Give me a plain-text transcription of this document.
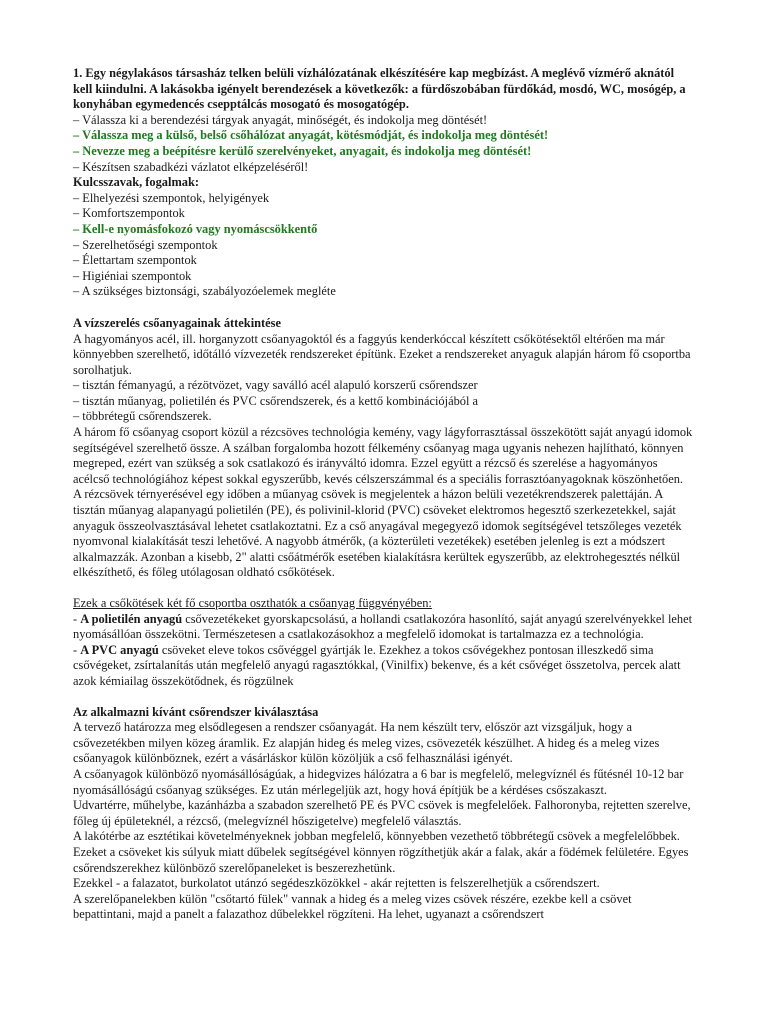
1. Egy négylakásos társasház telken belüli vízhálózatának elkészítésére kap megbízást. A meglévő vízmérő aknától kell kiindulni. A lakásokba igényelt berendezések a következők: a fürdőszobában fürdőkád, mosdó, WC, mosógép, a konyhában egymedencés csepptálcás mosogató és mosogatógép.

– Válassza ki a berendezési tárgyak anyagát, minőségét, és indokolja meg döntését!

– Válassza meg a külső, belső csőhálózat anyagát, kötésmódját, és indokolja meg döntését!

– Nevezze meg a beépítésre kerülő szerelvényeket, anyagait, és indokolja meg döntését!

– Készítsen szabadkézi vázlatot elképzeléséről!

Kulcsszavak, fogalmak:

– Elhelyezési szempontok, helyigények

– Komfortszempontok

– Kell-e nyomásfokozó vagy nyomáscsökkentő

– Szerelhetőségi szempontok

– Élettartam szempontok

– Higiéniai szempontok

– A szükséges biztonsági, szabályozóelemek megléte

A vízszerelés csőanyagainak áttekintése

A hagyományos acél, ill. horganyzott csőanyagoktól és a faggyús kenderkóccal készített csőkötésektől eltérően ma már könnyebben szerelhető, időtálló vízvezeték rendszereket építünk. Ezeket a rendszereket anyaguk alapján három fő csoportba sorolhatjuk.

– tisztán fémanyagú, a rézötvözet, vagy saválló acél alapuló korszerű csőrendszer

– tisztán műanyag, polietilén és PVC csőrendszerek, és a kettő kombinációjából a

– többrétegű csőrendszerek.

A három fő csőanyag csoport közül a rézcsöves technológia kemény, vagy lágyforrasztással összekötött saját anyagú idomok segítségével szerelhető össze. A szálban forgalomba hozott félkemény csőanyag maga ugyanis nehezen hajlítható, könnyen megreped, ezért van szükség a sok csatlakozó és irányváltó idomra. Ezzel együtt a rézcső és szerelése a hagyományos acélcső technológiához képest sokkal egyszerűbb, kevés célszerszámmal és a speciális forrasztóanyagoknak köszönhetően. A rézcsövek térnyerésével egy időben a műanyag csövek is megjelentek a házon belüli vezetékrendszerek palettáján. A tisztán műanyag alapanyagú polietilén (PE), és polivinil-klorid (PVC) csöveket elektromos hegesztő szerkezetekkel, saját anyaguk összeolvasztásával lehetet csatlakoztatni. Ez a cső anyagával megegyező idomok segítségével tetszőleges vezeték nyomvonal kialakítását teszi lehetővé. A nagyobb átmérők, (a közterületi vezetékek) esetében jelenleg is ezt a módszert alkalmazzák. Azonban a kisebb, 2" alatti csőátmérők esetében kialakításra kerültek egyszerűbb, az elektrohegesztés nélkül elkészíthető, és főleg utólagosan oldható csőkötések.

Ezek a csőkötések két fő csoportba oszthatók a csőanyag függvényében:

- A polietilén anyagú csővezetékeket gyorskapcsolású, a hollandi csatlakozóra hasonlító, saját anyagú szerelvényekkel lehet nyomásállóan összekötni. Természetesen a csatlakozásokhoz a megfelelő idomokat is tartalmazza ez a technológia.

- A PVC anyagú csöveket eleve tokos csővéggel gyártják le. Ezekhez a tokos csővégekhez pontosan illeszkedő sima csővégeket, zsírtalanítás után megfelelő anyagú ragasztókkal, (Vinilfix) bekenve, és a két csővéget összetolva, percek alatt azok kémiailag összekötődnek, és rögzülnek

Az alkalmazni kívánt csőrendszer kiválasztása

A tervező határozza meg elsődlegesen a rendszer csőanyagát. Ha nem készült terv, először azt vizsgáljuk, hogy a csővezetékben milyen közeg áramlik. Ez alapján hideg és meleg vizes, csövezeték készülhet. A hideg és a meleg vizes csőanyagok különböznek, ezért a vásárláskor külön közöljük a cső felhasználási igényét.

A csőanyagok különböző nyomásállóságúak, a hidegvizes hálózatra a 6 bar is megfelelő, melegvíznél és fűtésnél 10-12 bar nyomásállóságú csőanyag szükséges. Ez után mérlegeljük azt, hogy hová építjük be a kérdéses csőszakaszt.

Udvartérre, műhelybe, kazánházba a szabadon szerelhető PE és PVC csövek is megfelelőek. Falhoronyba, rejtetten szerelve, főleg új épületeknél, a rézcső, (melegvíznél hőszigetelve) megfelelő választás.

A lakótérbe az esztétikai követelményeknek jobban megfelelő, könnyebben vezethető többrétegű csövek a megfelelőbbek. Ezeket a csöveket kis súlyuk miatt dűbelek segítségével könnyen rögzíthetjük akár a falak, akár a födémek felületére. Egyes csőrendszerekhez különböző szerelőpaneleket is beszerezhetünk.

Ezekkel - a falazatot, burkolatot utánzó segédeszközökkel - akár rejtetten is felszerelhetjük a csőrendszert.

A szerelőpanelekben külön "csőtartó fülek" vannak a hideg és a meleg vizes csövek részére, ezekbe kell a csövet bepattintani, majd a panelt a falazathoz dűbelekkel rögzíteni. Ha lehet, ugyanazt a csőrendszert
